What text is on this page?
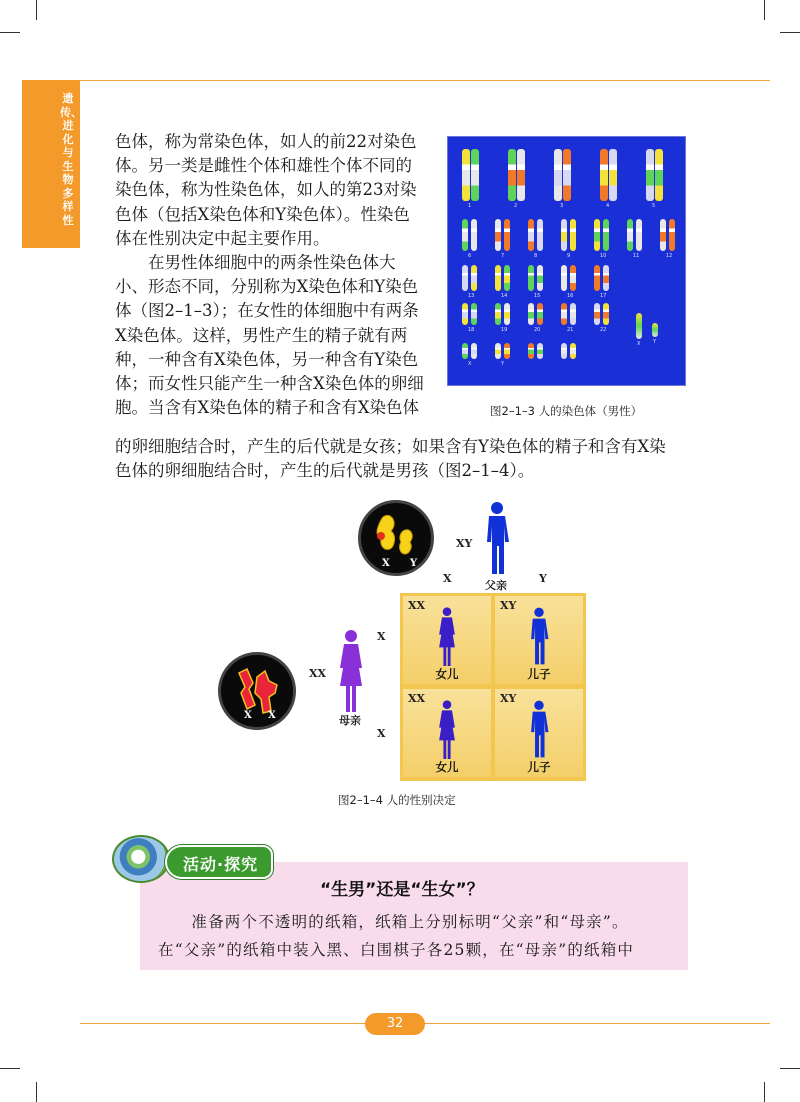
遗传、进化与生物多样性

色体，称为常染色体，如人的前22对染色

体。另一类是雌性个体和雄性个体不同的

染色体，称为性染色体，如人的第23对染

色体（包括X染色体和Y染色体）。性染色

体在性别决定中起主要作用。

　　在男性体细胞中的两条性染色体大

小、形态不同，分别称为X染色体和Y染色

体（图2–1–3）；在女性的体细胞中有两条

X染色体。这样，男性产生的精子就有两

种，一种含有X染色体，另一种含有Y染色

体；而女性只能产生一种含X染色体的卵细

胞。当含有X染色体的精子和含有X染色体

的卵细胞结合时，产生的后代就是女孩；如果含有Y染色体的精子和含有X染

色体的卵细胞结合时，产生的后代就是男孩（图2–1–4）。

1	2	3	4	5
6	7	8	9	10	11	12
13	14	15	16	17
18	19	20	21	22
X	Y
X	Y
图2–1–3 人的染色体（男性）
X Y
XY
父亲
X	Y
X X
XX
母亲
X
X
XX
女儿
XY
儿子
XX
女儿
XY
儿子
图2–1–4 人的性别决定
活动·探究
“生男”还是“生女”？

　　准备两个不透明的纸箱，纸箱上分别标明“父亲”和“母亲”。

在“父亲”的纸箱中装入黑、白围棋子各25颗，在“母亲”的纸箱中

32
